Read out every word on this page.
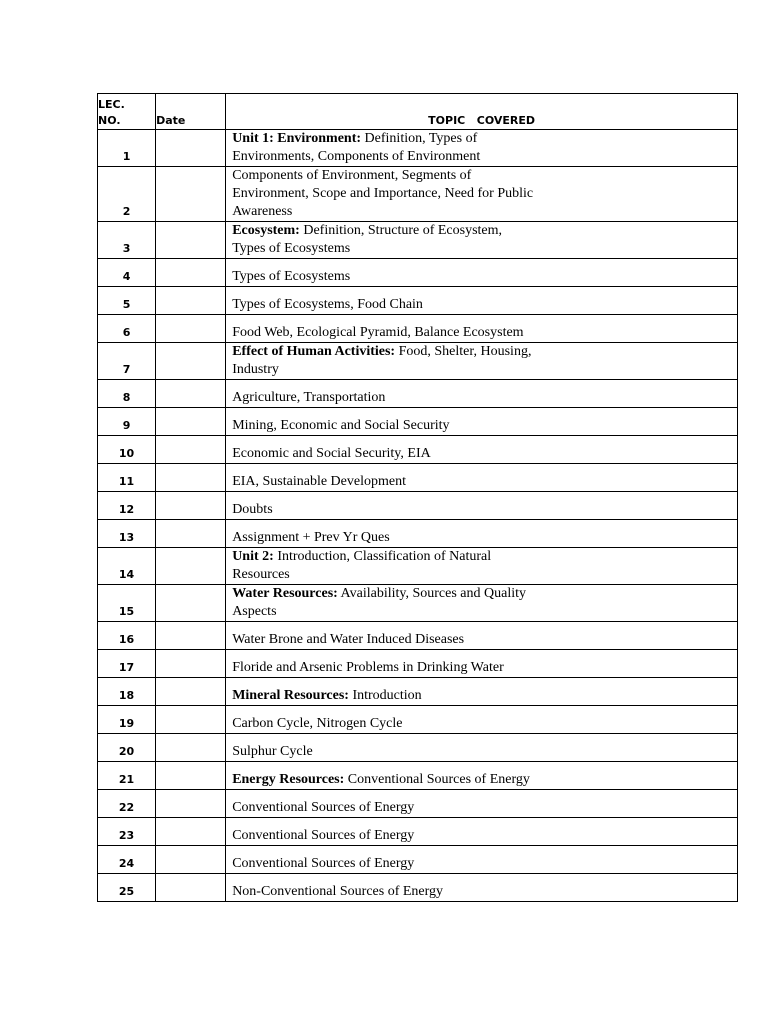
LEC.
NO.	Date	TOPIC   COVERED
1		Unit 1: Environment: Definition, Types of
Environments, Components of Environment
2		Components of Environment, Segments of
Environment, Scope and Importance, Need for Public
Awareness
3		Ecosystem: Definition, Structure of Ecosystem,
Types of Ecosystems
4		Types of Ecosystems
5		Types of Ecosystems, Food Chain
6		Food Web, Ecological Pyramid, Balance Ecosystem
7		Effect of Human Activities: Food, Shelter, Housing,
Industry
8		Agriculture, Transportation
9		Mining, Economic and Social Security
10		Economic and Social Security, EIA
11		EIA, Sustainable Development
12		Doubts
13		Assignment + Prev Yr Ques
14		Unit 2: Introduction, Classification of Natural
Resources
15		Water Resources: Availability, Sources and Quality
Aspects
16		Water Brone and Water Induced Diseases
17		Floride and Arsenic Problems in Drinking Water
18		Mineral Resources: Introduction
19		Carbon Cycle, Nitrogen Cycle
20		Sulphur Cycle
21		Energy Resources: Conventional Sources of Energy
22		Conventional Sources of Energy
23		Conventional Sources of Energy
24		Conventional Sources of Energy
25		Non-Conventional Sources of Energy
